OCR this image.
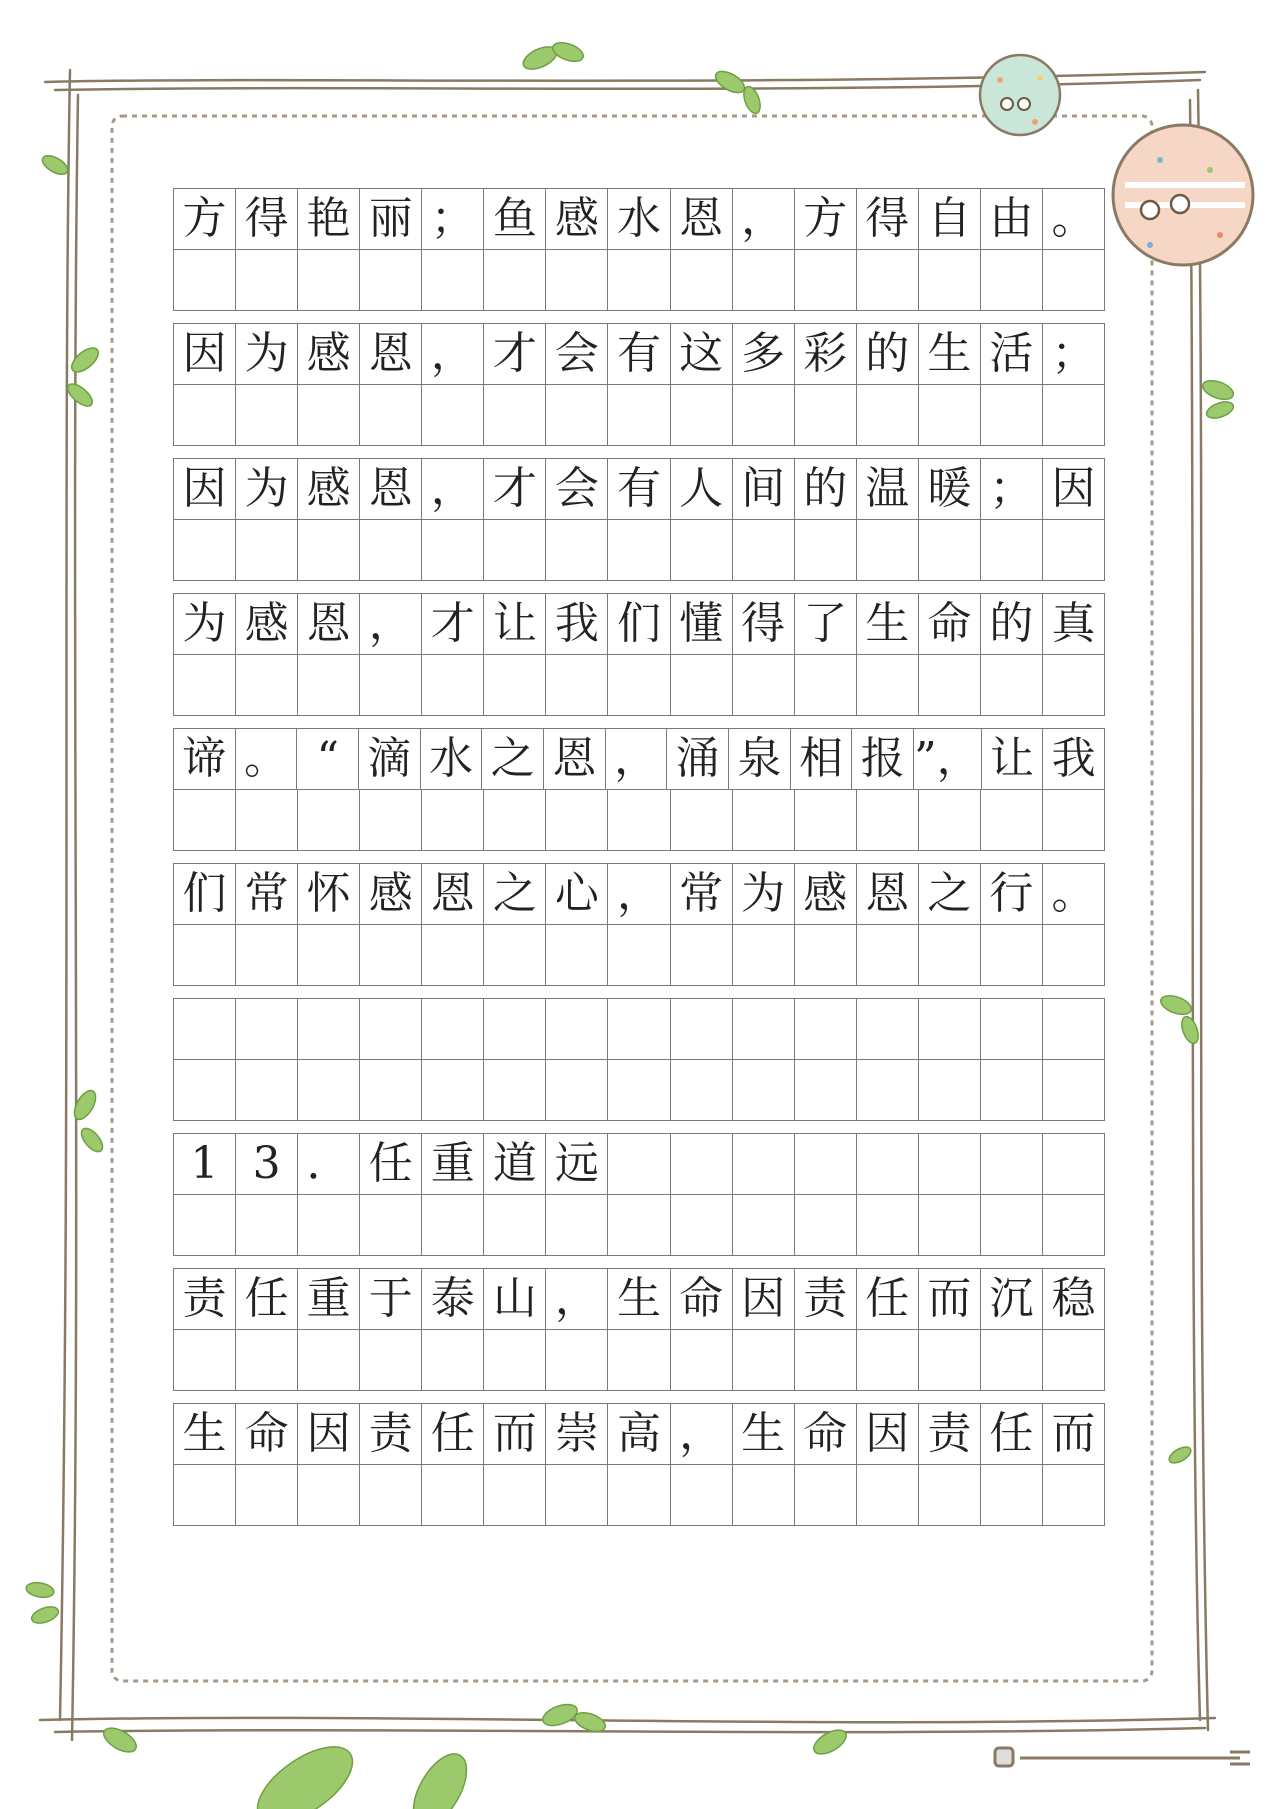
方 得 艳 丽 ； 鱼 感 水 恩 ， 方 得 自 由 。
因 为 感 恩 ， 才 会 有 这 多 彩 的 生 活 ；
因 为 感 恩 ， 才 会 有 人 间 的 温 暖 ； 因
为 感 恩 ， 才 让 我 们 懂 得 了 生 命 的 真
谛 。 “ 滴 水 之 恩 ， 涌 泉 相 报 ”， 让 我
们 常 怀 感 恩 之 心 ， 常 为 感 恩 之 行 。
1 3 ． 任 重 道 远
责 任 重 于 泰 山 ， 生 命 因 责 任 而 沉 稳
生 命 因 责 任 而 崇 高 ， 生 命 因 责 任 而
